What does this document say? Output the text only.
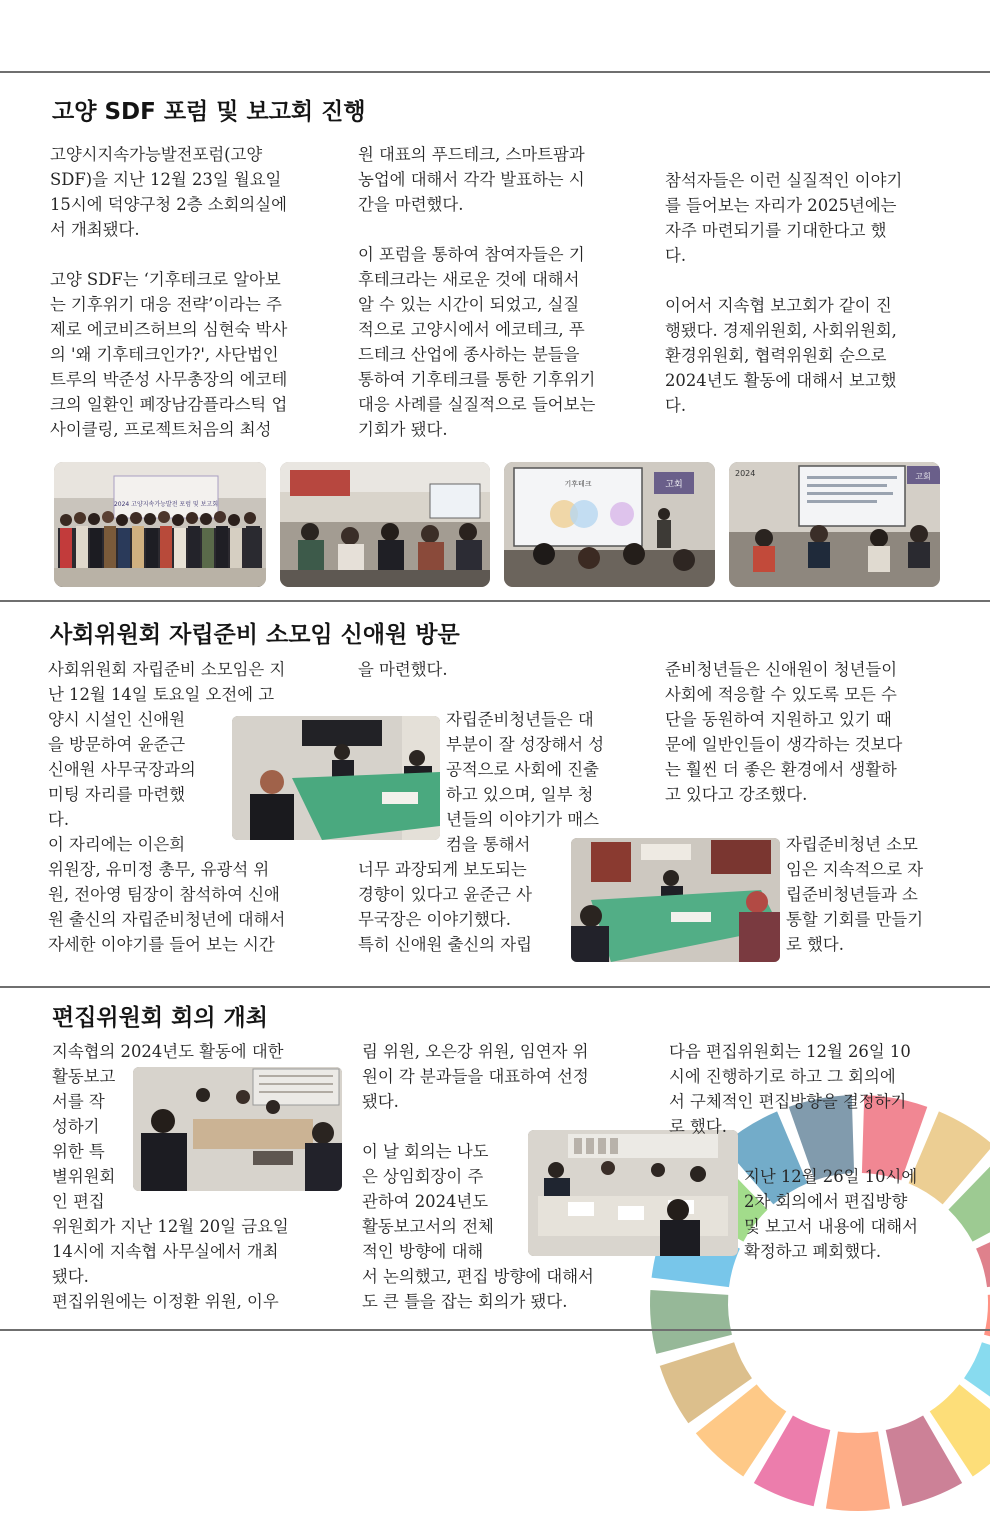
고양 SDF 포럼 및 보고회 진행

고양시지속가능발전포럼(고양
SDF)을 지난 12월 23일 월요일
15시에 덕양구청 2층 소회의실에
서 개최됐다.

고양 SDF는 ‘기후테크로 알아보
는 기후위기 대응 전략’이라는 주
제로 에코비즈허브의 심현숙 박사
의 '왜 기후테크인가?', 사단법인
트루의 박준성 사무총장의 에코테
크의 일환인 폐장남감플라스틱 업
사이클링, 프로젝트처음의 최성

원 대표의 푸드테크, 스마트팜과
농업에 대해서 각각 발표하는 시
간을 마련했다.

이 포럼을 통하여 참여자들은 기
후테크라는 새로운 것에 대해서
알 수 있는 시간이 되었고, 실질
적으로 고양시에서 에코테크, 푸
드테크 산업에 종사하는 분들을
통하여 기후테크를 통한 기후위기
대응 사례를 실질적으로 들어보는
기회가 됐다.

참석자들은 이런 실질적인 이야기
를 들어보는 자리가 2025년에는
자주 마련되기를 기대한다고 했
다.

이어서 지속협 보고회가 같이 진
행됐다. 경제위원회, 사회위원회,
환경위원회, 협력위원회 순으로
2024년도 활동에 대해서 보고했
다.

2024 고양지속가능발전 포럼 및 보고회
기후테크	고회
2024	고회
사회위원회 자립준비 소모임 신애원 방문

사회위원회 자립준비 소모임은 지
난 12월 14일 토요일 오전에 고

양시 시설인 신애원
을 방문하여 윤준근
신애원 사무국장과의
미팅 자리를 마련했
다.
이 자리에는 이은희

위원장, 유미정 총무, 유광석 위
원, 전아영 팀장이 참석하여 신애
원 출신의 자립준비청년에 대해서
자세한 이야기를 들어 보는 시간

을 마련했다.

자립준비청년들은 대
부분이 잘 성장해서 성
공적으로 사회에 진출
하고 있으며, 일부 청
년들의 이야기가 매스
컴을 통해서

너무 과장되게 보도되는
경향이 있다고 윤준근 사
무국장은 이야기했다.
특히 신애원 출신의 자립

준비청년들은 신애원이 청년들이
사회에 적응할 수 있도록 모든 수
단을 동원하여 지원하고 있기 때
문에 일반인들이 생각하는 것보다
는 훨씬 더 좋은 환경에서 생활하
고 있다고 강조했다.

자립준비청년 소모
임은 지속적으로 자
립준비청년들과 소
통할 기회를 만들기
로 했다.

편집위원회 회의 개최

지속협의 2024년도 활동에 대한

활동보고
서를 작
성하기
위한 특
별위원회
인 편집

위원회가 지난 12월 20일 금요일
14시에 지속협 사무실에서 개최
됐다.
편집위원에는 이정환 위원, 이우

림 위원, 오은강 위원, 임연자 위
원이 각 분과들을 대표하여 선정
됐다.

이 날 회의는 나도
은 상임회장이 주
관하여 2024년도
활동보고서의 전체
적인 방향에 대해

서 논의했고, 편집 방향에 대해서
도 큰 틀을 잡는 회의가 됐다.

다음 편집위원회는 12월 26일 10
시에 진행하기로 하고 그 회의에
서 구체적인 편집방향을 결정하기
로 했다.

지난 12월 26일 10시에
2차 회의에서 편집방향
및 보고서 내용에 대해서
확정하고 폐회했다.
